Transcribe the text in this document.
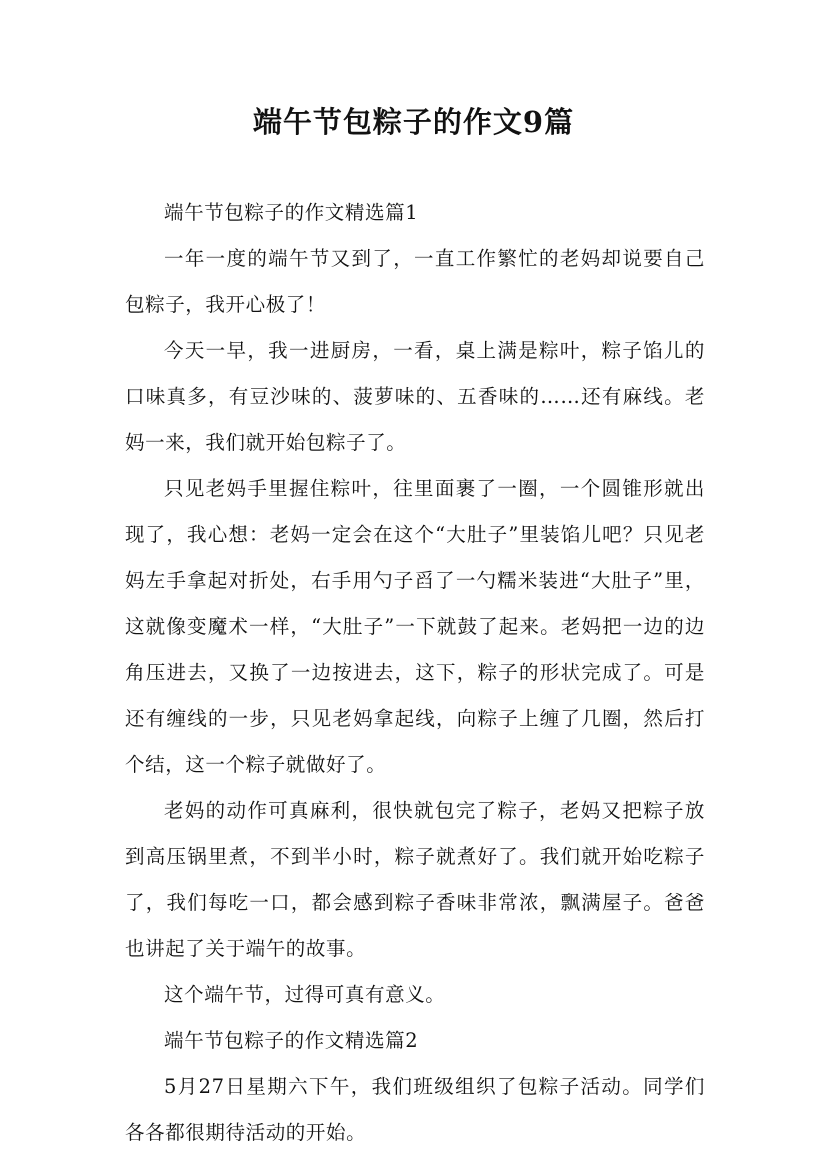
端午节包粽子的作文9篇

端午节包粽子的作文精选篇1

一年一度的端午节又到了，一直工作繁忙的老妈却说要自己包粽子，我开心极了！

今天一早，我一进厨房，一看，桌上满是粽叶，粽子馅儿的口味真多，有豆沙味的、菠萝味的、五香味的……还有麻线。老妈一来，我们就开始包粽子了。

只见老妈手里握住粽叶，往里面裹了一圈，一个圆锥形就出现了，我心想：老妈一定会在这个“大肚子”里装馅儿吧？只见老妈左手拿起对折处，右手用勺子舀了一勺糯米装进“大肚子”里，这就像变魔术一样，“大肚子”一下就鼓了起来。老妈把一边的边角压进去，又换了一边按进去，这下，粽子的形状完成了。可是还有缠线的一步，只见老妈拿起线，向粽子上缠了几圈，然后打个结，这一个粽子就做好了。

老妈的动作可真麻利，很快就包完了粽子，老妈又把粽子放到高压锅里煮，不到半小时，粽子就煮好了。我们就开始吃粽子了，我们每吃一口，都会感到粽子香味非常浓，飘满屋子。爸爸也讲起了关于端午的故事。

这个端午节，过得可真有意义。

端午节包粽子的作文精选篇2

5月27日星期六下午，我们班级组织了包粽子活动。同学们各各都很期待活动的开始。
